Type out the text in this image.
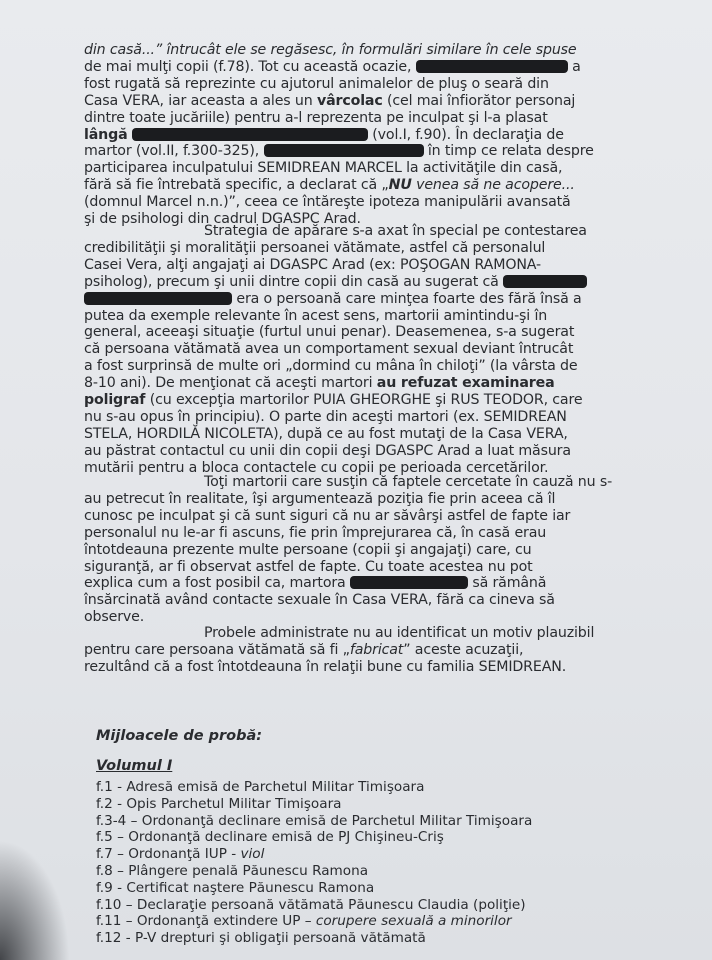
din casă...” întrucât ele se regăsesc, în formulări similare în cele spuse
de mai mulţi copii (f.78). Tot cu această ocazie,	a
fost rugată să reprezinte cu ajutorul animalelor de pluş o seară din
Casa VERA, iar aceasta a ales un vârcolac (cel mai înfiorător personaj
dintre toate jucăriile) pentru a-l reprezenta pe inculpat şi l-a plasat
lângă	(vol.I, f.90). În declaraţia de
martor (vol.II, f.300-325),	în timp ce relata despre
participarea inculpatului SEMIDREAN MARCEL la activităţile din casă,
fără să fie întrebată specific, a declarat că „NU venea să ne acopere...
(domnul Marcel n.n.)”, ceea ce întăreşte ipoteza manipulării avansată
şi de psihologi din cadrul DGASPC Arad.
Strategia de apărare s-a axat în special pe contestarea
credibilităţii şi moralităţii persoanei vătămate, astfel că personalul
Casei Vera, alţi angajaţi ai DGASPC Arad (ex: POŞOGAN RAMONA-
psiholog), precum şi unii dintre copii din casă au sugerat că
era o persoană care minţea foarte des fără însă a
putea da exemple relevante în acest sens, martorii amintindu-şi în
general, aceeaşi situaţie (furtul unui penar). Deasemenea, s-a sugerat
că persoana vătămată avea un comportament sexual deviant întrucât
a fost surprinsă de multe ori „dormind cu mâna în chiloţi” (la vârsta de
8-10 ani). De menţionat că aceşti martori au refuzat examinarea
poligraf (cu excepţia martorilor PUIA GHEORGHE şi RUS TEODOR, care
nu s-au opus în principiu). O parte din aceşti martori (ex. SEMIDREAN
STELA, HORDILĂ NICOLETA), după ce au fost mutaţi de la Casa VERA,
au păstrat contactul cu unii din copii deşi DGASPC Arad a luat măsura
mutării pentru a bloca contactele cu copii pe perioada cercetărilor.
Toţi martorii care susţin că faptele cercetate în cauză nu s-
au petrecut în realitate, îşi argumentează poziţia fie prin aceea că îl
cunosc pe inculpat şi că sunt siguri că nu ar săvârşi astfel de fapte iar
personalul nu le-ar fi ascuns, fie prin împrejurarea că, în casă erau
întotdeauna prezente multe persoane (copii şi angajaţi) care, cu
siguranţă, ar fi observat astfel de fapte. Cu toate acestea nu pot
explica cum a fost posibil ca, martora	să rămână
însărcinată având contacte sexuale în Casa VERA, fără ca cineva să
observe.
Probele administrate nu au identificat un motiv plauzibil
pentru care persoana vătămată să fi „fabricat” aceste acuzaţii,
rezultând că a fost întotdeauna în relaţii bune cu familia SEMIDREAN.
Mijloacele de probă:
Volumul I
f.1 - Adresă emisă de Parchetul Militar Timişoara
f.2 - Opis Parchetul Militar Timişoara
f.3-4 – Ordonanţă declinare emisă de Parchetul Militar Timişoara
f.5 – Ordonanţă declinare emisă de PJ Chişineu-Criş
f.7 – Ordonanţă IUP - viol
f.8 – Plângere penală Păunescu Ramona
f.9 - Certificat naştere Păunescu Ramona
f.10 – Declaraţie persoană vătămată Păunescu Claudia (poliţie)
f.11 – Ordonanţă extindere UP – corupere sexuală a minorilor
f.12 - P-V drepturi şi obligaţii persoană vătămată
